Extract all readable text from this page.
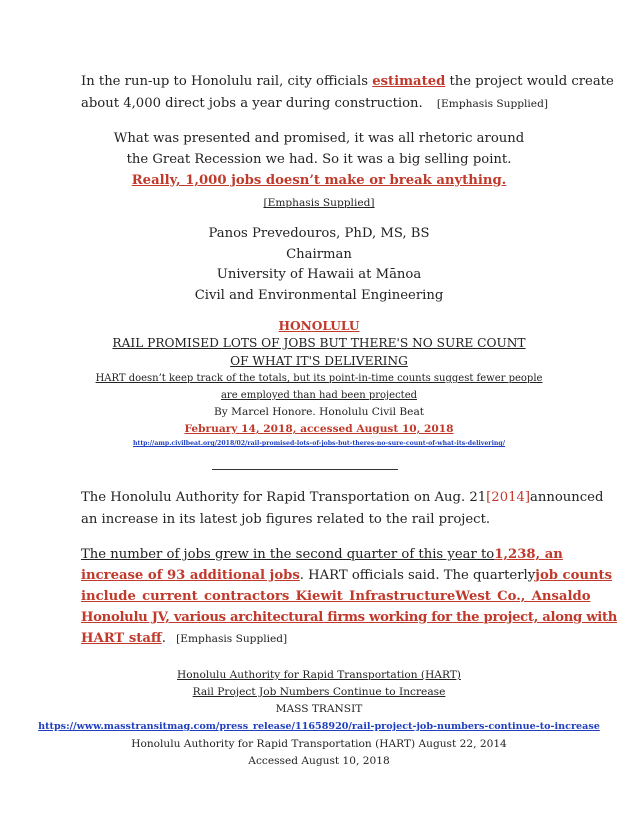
In the run-up to Honolulu rail, city officials estimated the project would create
about 4,000 direct jobs a year during construction. [Emphasis Supplied]
What was presented and promised, it was all rhetoric around
the Great Recession we had. So it was a big selling point.
Really, 1,000 jobs doesn’t make or break anything.
[Emphasis Supplied]
Panos Prevedouros, PhD, MS, BS
Chairman
University of Hawaii at Mānoa
Civil and Environmental Engineering
HONOLULU
RAIL PROMISED LOTS OF JOBS BUT THERE'S NO SURE COUNT
OF WHAT IT'S DELIVERING
HART doesn’t keep track of the totals, but its point-in-time counts suggest fewer people
are employed than had been projected
By Marcel Honore. Honolulu Civil Beat
February 14, 2018, accessed August 10, 2018
http://amp.civilbeat.org/2018/02/rail-promised-lots-of-jobs-but-theres-no-sure-count-of-what-its-delivering/
The Honolulu Authority for Rapid Transportation on Aug. 21 [2014] announced
an increase in its latest job figures related to the rail project.
The number of jobs grew in the second quarter of this year to 1,238, an
increase of 93 additional jobs. HART officials said. The quarterly job counts
include current contractors Kiewit InfrastructureWest Co., Ansaldo
Honolulu JV, various architectural firms working for the project, along with
HART staff. [Emphasis Supplied]
Honolulu Authority for Rapid Transportation (HART)
Rail Project Job Numbers Continue to Increase
MASS TRANSIT
https://www.masstransitmag.com/press_release/11658920/rail-project-job-numbers-continue-to-increase
Honolulu Authority for Rapid Transportation (HART) August 22, 2014
Accessed August 10, 2018
